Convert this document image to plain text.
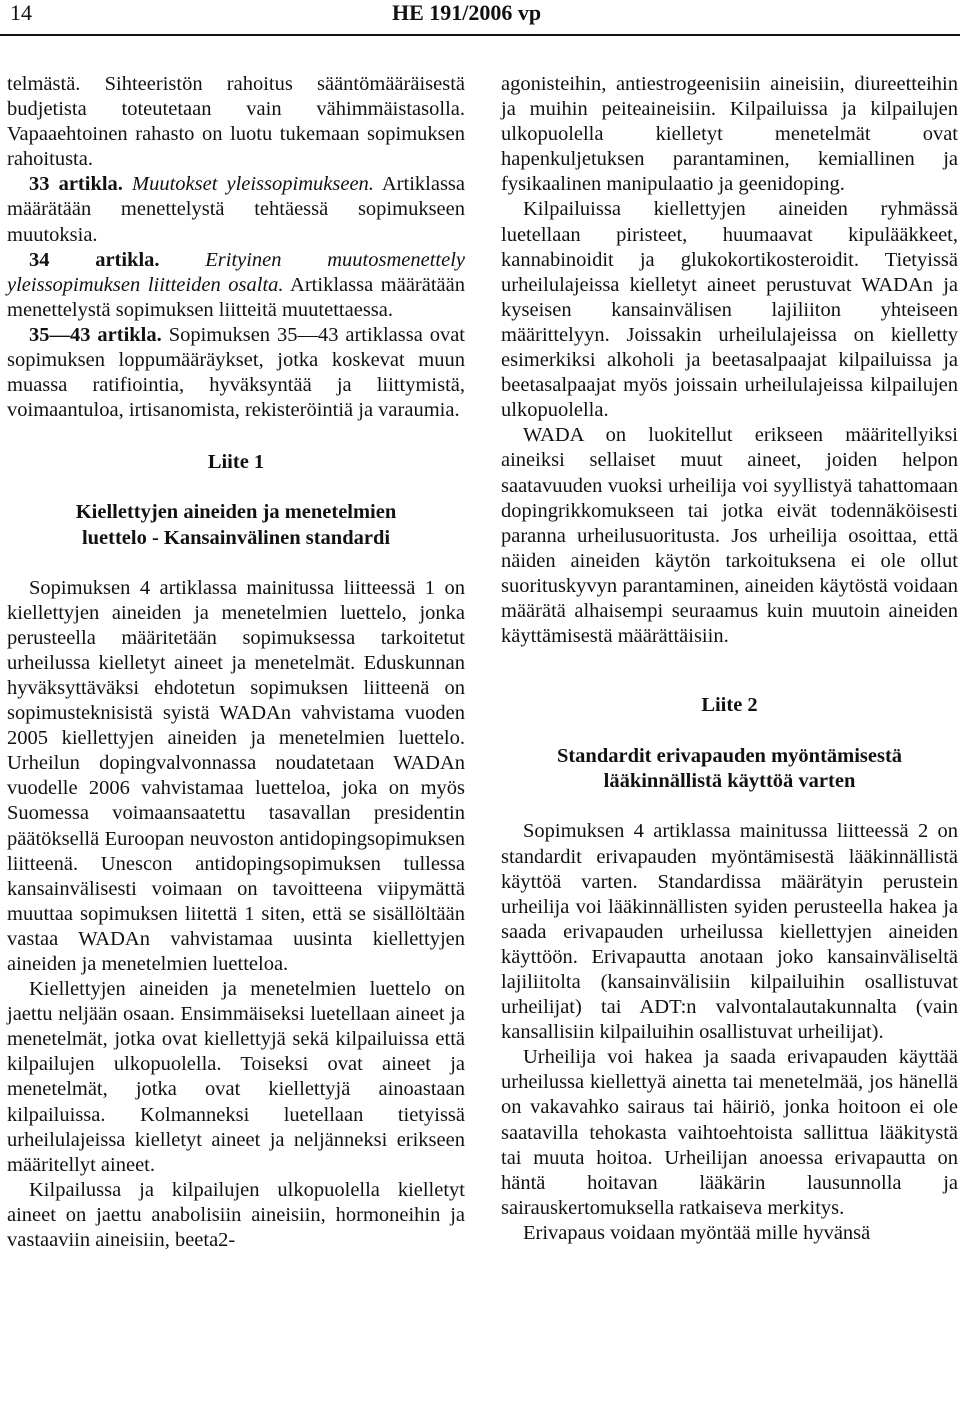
14	HE 191/2006 vp

telmästä. Sihteeristön rahoitus sääntömääräisestä budjetista toteutetaan vain vähimmäistasolla. Vapaaehtoinen rahasto on luotu tukemaan sopimuksen rahoitusta.

33 artikla. Muutokset yleissopimukseen. Artiklassa määrätään menettelystä tehtäessä sopimukseen muutoksia.

34 artikla. Erityinen muutosmenettely yleissopimuksen liitteiden osalta. Artiklassa määrätään menettelystä sopimuksen liitteitä muutettaessa.

35—43 artikla. Sopimuksen 35—43 artiklassa ovat sopimuksen loppumääräykset, jotka koskevat muun muassa ratifiointia, hyväksyntää ja liittymistä, voimaantuloa, irtisanomista, rekisteröintiä ja varaumia.

Liite 1

Kiellettyjen aineiden ja menetelmien

luettelo - Kansainvälinen standardi

Sopimuksen 4 artiklassa mainitussa liitteessä 1 on kiellettyjen aineiden ja menetelmien luettelo, jonka perusteella määritetään sopimuksessa tarkoitetut urheilussa kielletyt aineet ja menetelmät. Eduskunnan hyväksyttäväksi ehdotetun sopimuksen liitteenä on sopimusteknisistä syistä WADAn vahvistama vuoden 2005 kiellettyjen aineiden ja menetelmien luettelo. Urheilun dopingvalvonnassa noudatetaan WADAn vuodelle 2006 vahvistamaa luetteloa, joka on myös Suomessa voimaansaatettu tasavallan presidentin päätöksellä Euroopan neuvoston antidopingsopimuksen liitteenä. Unescon antidopingsopimuksen tullessa kansainvälisesti voimaan on tavoitteena viipymättä muuttaa sopimuksen liitettä 1 siten, että se sisällöltään vastaa WADAn vahvistamaa uusinta kiellettyjen aineiden ja menetelmien luetteloa.

Kiellettyjen aineiden ja menetelmien luettelo on jaettu neljään osaan. Ensimmäiseksi luetellaan aineet ja menetelmät, jotka ovat kiellettyjä sekä kilpailuissa että kilpailujen ulkopuolella. Toiseksi ovat aineet ja menetelmät, jotka ovat kiellettyjä ainoastaan kilpailuissa. Kolmanneksi luetellaan tietyissä urheilulajeissa kielletyt aineet ja neljänneksi erikseen määritellyt aineet.

Kilpailussa ja kilpailujen ulkopuolella kielletyt aineet on jaettu anabolisiin aineisiin, hormoneihin ja vastaaviin aineisiin, beeta2-

agonisteihin, antiestrogeenisiin aineisiin, diureetteihin ja muihin peiteaineisiin. Kilpailuissa ja kilpailujen ulkopuolella kielletyt menetelmät ovat hapenkuljetuksen parantaminen, kemiallinen ja fysikaalinen manipulaatio ja geenidoping.

Kilpailuissa kiellettyjen aineiden ryhmässä luetellaan piristeet, huumaavat kipulääkkeet, kannabinoidit ja glukokortikosteroidit. Tietyissä urheilulajeissa kielletyt aineet perustuvat WADAn ja kyseisen kansainvälisen lajiliiton yhteiseen määrittelyyn. Joissakin urheilulajeissa on kielletty esimerkiksi alkoholi ja beetasalpaajat kilpailuissa ja beetasalpaajat myös joissain urheilulajeissa kilpailujen ulkopuolella.

WADA on luokitellut erikseen määritellyiksi aineiksi sellaiset muut aineet, joiden helpon saatavuuden vuoksi urheilija voi syyllistyä tahattomaan dopingrikkomukseen tai jotka eivät todennäköisesti paranna urheilusuoritusta. Jos urheilija osoittaa, että näiden aineiden käytön tarkoituksena ei ole ollut suorituskyvyn parantaminen, aineiden käytöstä voidaan määrätä alhaisempi seuraamus kuin muutoin aineiden käyttämisestä määrättäisiin.

Liite 2

Standardit erivapauden myöntämisestä

lääkinnällistä käyttöä varten

Sopimuksen 4 artiklassa mainitussa liitteessä 2 on standardit erivapauden myöntämisestä lääkinnällistä käyttöä varten. Standardissa määrätyin perustein urheilija voi lääkinnällisten syiden perusteella hakea ja saada erivapauden urheilussa kiellettyjen aineiden käyttöön. Erivapautta anotaan joko kansainväliseltä lajiliitolta (kansainvälisiin kilpailuihin osallistuvat urheilijat) tai ADT:n valvontalautakunnalta (vain kansallisiin kilpailuihin osallistuvat urheilijat).

Urheilija voi hakea ja saada erivapauden käyttää urheilussa kiellettyä ainetta tai menetelmää, jos hänellä on vakavahko sairaus tai häiriö, jonka hoitoon ei ole saatavilla tehokasta vaihtoehtoista sallittua lääkitystä tai muuta hoitoa. Urheilijan anoessa erivapautta on häntä hoitavan lääkärin lausunnolla ja sairauskertomuksella ratkaiseva merkitys.

Erivapaus voidaan myöntää mille hyvänsä
